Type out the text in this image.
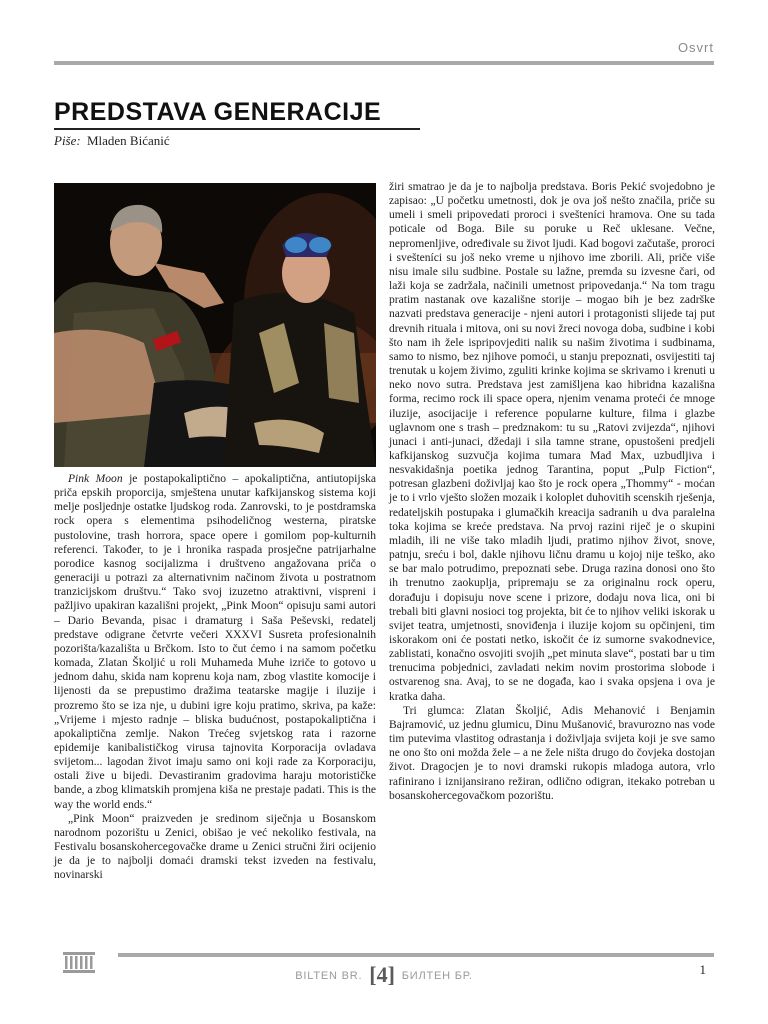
Osvrt
PREDSTAVA GENERACIJE
Piše: Mladen Bićanić

Pink Moon je postapokaliptično – apokaliptična, antiutopijska priča epskih proporcija, smještena unutar kafkijanskog sistema koji melje posljednje ostatke ljudskog roda. Zanrovski, to je postdramska rock opera s elementima psihodeličnog westerna, piratske pustolovine, trash horrora, space opere i gomilom pop-kulturnih referenci. Također, to je i hronika raspada prosječne patrijarhalne porodice kasnog socijalizma i društveno angažovana priča o generaciji u potrazi za alternativnim načinom života u postratnom tranzicijskom društvu.“ Tako svoj izuzetno atraktivni, vispreni i pažljivo upakiran kazališni projekt, „Pink Moon“ opisuju sami autori – Dario Bevanda, pisac i dramaturg i Saša Peševski, redatelj predstave odigrane četvrte večeri XXXVI Susreta profesionalnih pozorišta/kazališta u Brčkom. Isto to čut ćemo i na samom početku komada, Zlatan Školjić u roli Muhameda Muhe izriče to gotovo u jednom dahu, skida nam koprenu koja nam, zbog vlastite komocije i lijenosti da se prepustimo dražima teatarske magije i iluzije i prozremo što se iza nje, u dubini igre koju pratimo, skriva, pa kaže: „Vrijeme i mjesto radnje – bliska budućnost, postapokaliptična i apokaliptična zemlje. Nakon Trećeg svjetskog rata i razorne epidemije kanibalističkog virusa tajnovita Korporacija ovladava svijetom... lagodan život imaju samo oni koji rade za Korporaciju, ostali žive u bijedi. Devastiranim gradovima haraju motorističke bande, a zbog klimatskih promjena kiša ne prestaje padati. This is the way the world ends.“

„Pink Moon“ praizveden je sredinom siječnja u Bosanskom narodnom pozorištu u Zenici, obišao je već nekoliko festivala, na Festivalu bosanskohercegovačke drame u Zenici stručni žiri ocijenio je da je to najbolji domaći dramski tekst izveden na festivalu, novinarski

žiri smatrao je da je to najbolja predstava. Boris Pekić svojedobno je zapisao: „U početku umetnosti, dok je ova još nešto značila, priče su umeli i smeli pripovedati proroci i svešteníci hramova. One su tada poticale od Boga. Bile su poruke u Reč uklesane. Večne, nepromenljive, određivale su život ljudi. Kad bogovi začutaše, proroci i svešteníci su još neko vreme u njihovo ime zborili. Ali, priče više nisu imale silu sudbine. Postale su lažne, premda su izvesne čari, od laži koja se zadržala, načinili umetnost pripovedanja.“ Na tom tragu pratim nastanak ove kazališne storije – mogao bih je bez zadrške nazvati predstava generacije - njeni autori i protagonisti slijede taj put drevnih rituala i mitova, oni su novi žreci novoga doba, sudbine i kobi što nam ih žele ispripovjediti nalik su našim životima i sudbinama, samo to nismo, bez njihove pomoći, u stanju prepoznati, osvijestiti taj trenutak u kojem živimo, zguliti krinke kojima se skrivamo i krenuti u neko novo sutra. Predstava jest zamišljena kao hibridna kazališna forma, recimo rock ili space opera, njenim venama proteći će mnoge iluzije, asocijacije i reference popularne kulture, filma i glazbe uglavnom one s trash – predznakom: tu su „Ratovi zvijezda“, njihovi junaci i anti-junaci, džedaji i sila tamne strane, opustošeni predjeli kafkijanskog suzvučja kojima tumara Mad Max, uzbudljiva i nesvakidašnja poetika jednog Tarantina, poput „Pulp Fiction“, potresan glazbeni doživljaj kao što je rock opera „Thommy“ - moćan je to i vrlo vješto složen mozaik i koloplet duhovitih scenskih rješenja, redateljskih postupaka i glumačkih kreacija sadranih u dva paralelna toka kojima se kreće predstava. Na prvoj razini riječ je o skupini mladih, ili ne više tako mladih ljudi, pratimo njihov život, snove, patnju, sreću i bol, dakle njihovu ličnu dramu u kojoj nije teško, ako se bar malo potrudimo, prepoznati sebe. Druga razina donosi ono što ih trenutno zaokuplja, pripremaju se za originalnu rock operu, dorađuju i dopisuju nove scene i prizore, dodaju nova lica, oni bi trebali biti glavni nosioci tog projekta, bit će to njihov veliki iskorak u svijet teatra, umjetnosti, snoviđenja i iluzije kojom su opčinjeni, tim iskorakom oni će postati netko, iskočit će iz sumorne svakodnevice, zablistati, konačno osvojiti svojih „pet minuta slave“, postati bar u tim trenucima pobjednici, zavladati nekim novim prostorima slobode i ostvarenog sna. Avaj, to se ne događa, kao i svaka opsjena i ova je kratka daha.

Tri glumca: Zlatan Školjić, Adis Mehanović i Benjamin Bajramović, uz jednu glumicu, Dinu Mušanović, bravurozno nas vode tim putevima vlastitog odrastanja i doživljaja svijeta koji je sve samo ne ono što oni možda žele – a ne žele ništa drugo do čovjeka dostojan život. Dragocjen je to novi dramski rukopis mladoga autora, vrlo rafinirano i iznijansirano režiran, odlično odigran, itekako potreban u bosanskohercegovačkom pozorištu.

BILTEN BR. [4] БИЛТЕН БР.	1
